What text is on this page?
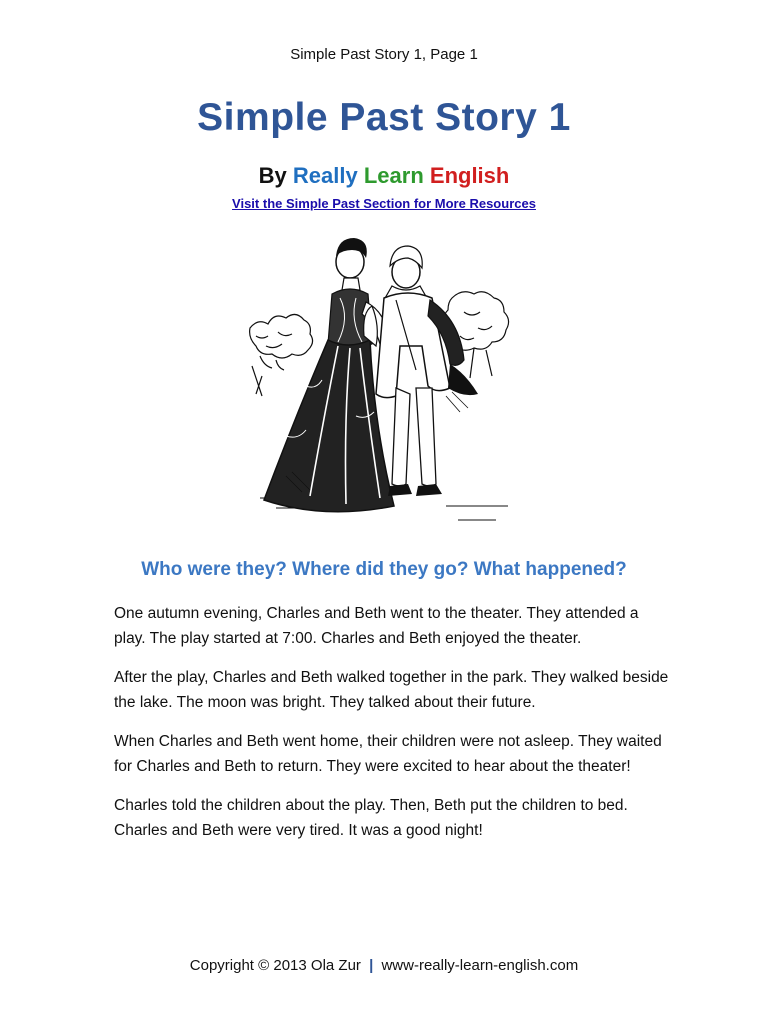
Simple Past Story 1, Page 1
Simple Past Story 1
By Really Learn English
Visit the Simple Past Section for More Resources
Who were they? Where did they go? What happened?

One autumn evening, Charles and Beth went to the theater. They attended a play. The play started at 7:00. Charles and Beth enjoyed the theater.

After the play, Charles and Beth walked together in the park. They walked beside the lake. The moon was bright. They talked about their future.

When Charles and Beth went home, their children were not asleep. They waited for Charles and Beth to return. They were excited to hear about the theater!

Charles told the children about the play. Then, Beth put the children to bed. Charles and Beth were very tired. It was a good night!

Copyright © 2013 Ola Zur | www-really-learn-english.com
